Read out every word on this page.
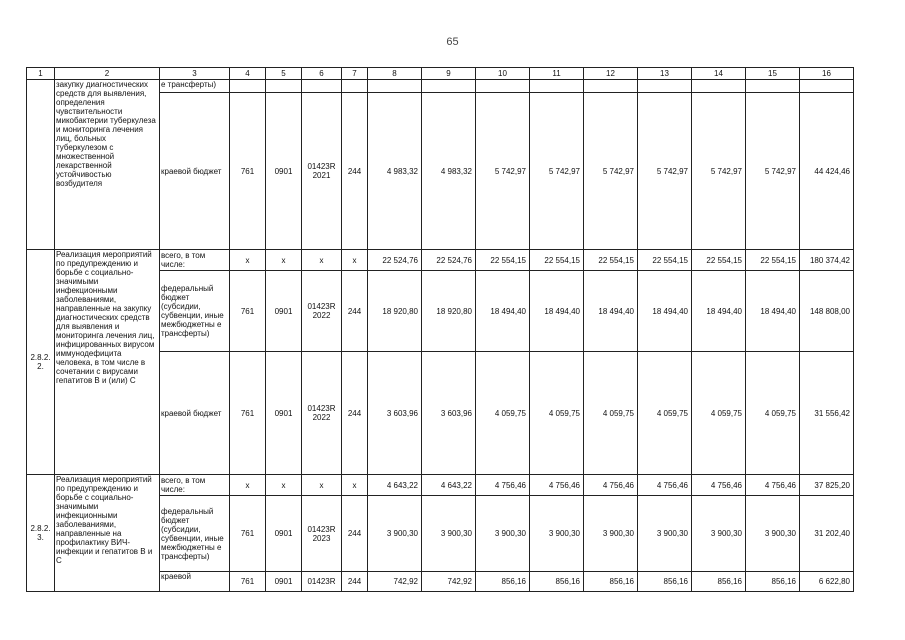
65
1	2	3	4	5	6	7	8	9	10	11	12	13	14	15	16
	закупку диагностических средств для выявления, определения чувствительности микобактерии туберкулеза и мониторинга лечения лиц, больных туберкулезом с множественной лекарственной устойчивостью возбудителя	е трансферты)													
		краевой бюджет	761	0901	01423R 2021	244	4 983,32	4 983,32	5 742,97	5 742,97	5 742,97	5 742,97	5 742,97	5 742,97	44 424,46
2.8.2. 2.	Реализация мероприятий по предупреждению и борьбе с социально-значимыми инфекционными заболеваниями, направленные на закупку диагностических средств для выявления и мониторинга лечения лиц, инфицированных вирусом иммунодефицита человека, в том числе в сочетании с вирусами гепатитов В и (или) С	всего, в том числе:	x	x	x	x	22 524,76	22 524,76	22 554,15	22 554,15	22 554,15	22 554,15	22 554,15	22 554,15	180 374,42
		федеральный бюджет (субсидии, субвенции, иные межбюджетны е трансферты)	761	0901	01423R 2022	244	18 920,80	18 920,80	18 494,40	18 494,40	18 494,40	18 494,40	18 494,40	18 494,40	148 808,00
		краевой бюджет	761	0901	01423R 2022	244	3 603,96	3 603,96	4 059,75	4 059,75	4 059,75	4 059,75	4 059,75	4 059,75	31 556,42
2.8.2. 3.	Реализация мероприятий по предупреждению и борьбе с социально-значимыми инфекционными заболеваниями, направленные на профилактику ВИЧ-инфекции и гепатитов В и С	всего, в том числе:	x	x	x	x	4 643,22	4 643,22	4 756,46	4 756,46	4 756,46	4 756,46	4 756,46	4 756,46	37 825,20
		федеральный бюджет (субсидии, субвенции, иные межбюджетны е трансферты)	761	0901	01423R 2023	244	3 900,30	3 900,30	3 900,30	3 900,30	3 900,30	3 900,30	3 900,30	3 900,30	31 202,40
		краевой	761	0901	01423R	244	742,92	742,92	856,16	856,16	856,16	856,16	856,16	856,16	6 622,80
